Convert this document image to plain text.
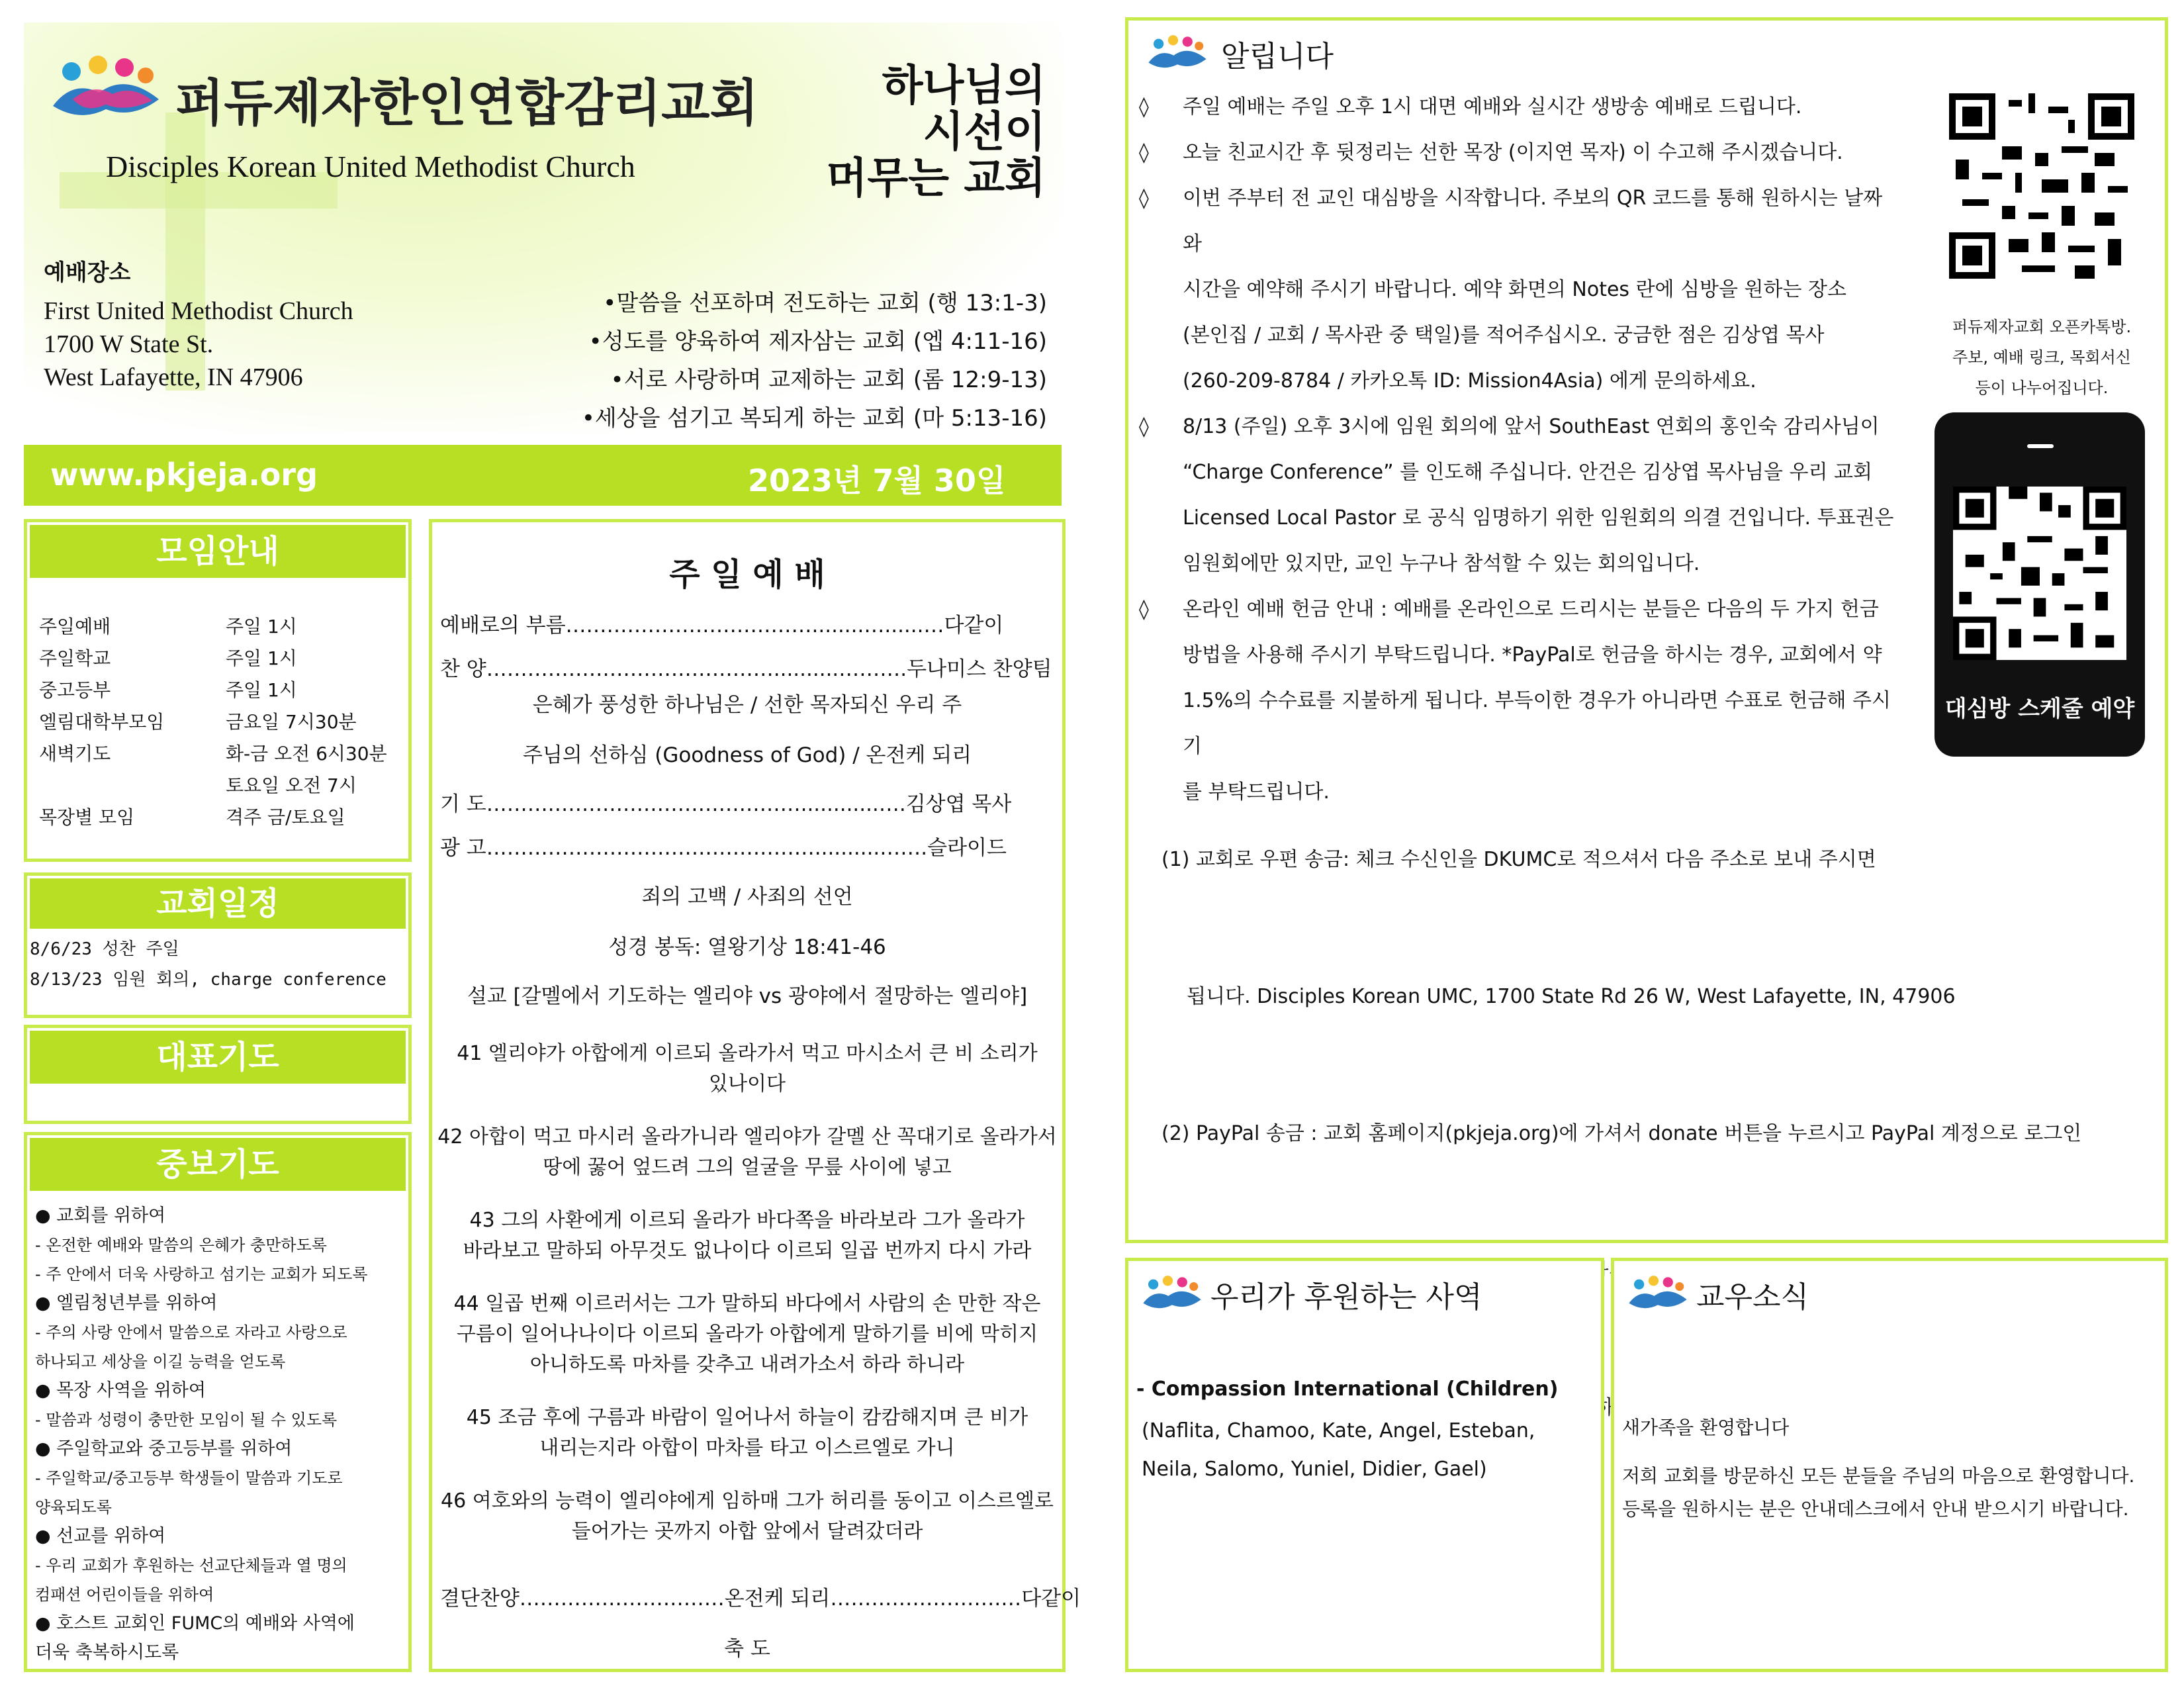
퍼듀제자한인연합감리교회
Disciples Korean United Methodist Church
하나님의
시선이
머무는 교회
예배장소
First United Methodist Church
1700 W State St.
West Lafayette, IN 47906
•말씀을 선포하며 전도하는 교회 (행 13:1-3)
•성도를 양육하여 제자삼는 교회 (엡 4:11-16)
•서로 사랑하며 교제하는 교회 (롬 12:9-13)
•세상을 섬기고 복되게 하는 교회 (마 5:13-16)
www.pkjeja.org	2023년 7월 30일
모임안내
주일예배	주일 1시
주일학교	주일 1시
중고등부	주일 1시
엘림대학부모임	금요일 7시30분
새벽기도	화-금 오전 6시30분
토요일 오전 7시
목장별 모임	격주 금/토요일
교회일정
8/6/23 성찬 주일
8/13/23 임원 회의, charge conference
대표기도
중보기도
● 교회를 위하여
- 온전한 예배와 말씀의 은혜가 충만하도록
- 주 안에서 더욱 사랑하고 섬기는 교회가 되도록
● 엘림청년부를 위하여
- 주의 사랑 안에서 말씀으로 자라고 사랑으로
하나되고 세상을 이길 능력을 얻도록
● 목장 사역을 위하여
- 말씀과 성령이 충만한 모임이 될 수 있도록
● 주일학교와 중고등부를 위하여
- 주일학교/중고등부 학생들이 말씀과 기도로
양육되도록
● 선교를 위하여
- 우리 교회가 후원하는 선교단체들과 열 명의
컴패션 어린이들을 위하여
● 호스트 교회인 FUMC의 예배와 사역에
더욱 축복하시도록
주 일 예 배
예배로의 부름………………………………........…......…다같이
찬 양……………………………………..........……….두나미스 찬양팀
은혜가 풍성한 하나님은 / 선한 목자되신 우리 주
주님의 선하심 (Goodness of God) / 온전케 되리
기 도……….………………………………............….김상엽 목사
광 고…………………………………………..........…….슬라이드
죄의 고백 / 사죄의 선언
성경 봉독: 열왕기상 18:41-46
설교 [갈멜에서 기도하는 엘리야 vs 광야에서 절망하는 엘리야]
41 엘리야가 아합에게 이르되 올라가서 먹고 마시소서 큰 비 소리가
있나이다
42 아합이 먹고 마시러 올라가니라 엘리야가 갈멜 산 꼭대기로 올라가서
땅에 꿇어 엎드려 그의 얼굴을 무릎 사이에 넣고
43 그의 사환에게 이르되 올라가 바다쪽을 바라보라 그가 올라가
바라보고 말하되 아무것도 없나이다 이르되 일곱 번까지 다시 가라
44 일곱 번째 이르러서는 그가 말하되 바다에서 사람의 손 만한 작은
구름이 일어나나이다 이르되 올라가 아합에게 말하기를 비에 막히지
아니하도록 마차를 갖추고 내려가소서 하라 하니라
45 조금 후에 구름과 바람이 일어나서 하늘이 캄캄해지며 큰 비가
내리는지라 아합이 마차를 타고 이스르엘로 가니
46 여호와의 능력이 엘리야에게 임하매 그가 허리를 동이고 이스르엘로
들어가는 곳까지 아합 앞에서 달려갔더라
결단찬양…………………………온전케 되리…………………….…다같이
축 도
알립니다
◊ 주일 예배는 주일 오후 1시 대면 예배와 실시간 생방송 예배로 드립니다.
◊ 오늘 친교시간 후 뒷정리는 선한 목장 (이지연 목자) 이 수고해 주시겠습니다.
◊ 이번 주부터 전 교인 대심방을 시작합니다. 주보의 QR 코드를 통해 원하시는 날짜와
시간을 예약해 주시기 바랍니다. 예약 화면의 Notes 란에 심방을 원하는 장소
(본인집 / 교회 / 목사관 중 택일)를 적어주십시오. 궁금한 점은 김상엽 목사
(260-209-8784 / 카카오톡 ID: Mission4Asia) 에게 문의하세요.
◊ 8/13 (주일) 오후 3시에 임원 회의에 앞서 SouthEast 연회의 홍인숙 감리사님이
“Charge Conference” 를 인도해 주십니다. 안건은 김상엽 목사님을 우리 교회
Licensed Local Pastor 로 공식 임명하기 위한 임원회의 의결 건입니다. 투표권은
임원회에만 있지만, 교인 누구나 참석할 수 있는 회의입니다.
◊ 온라인 예배 헌금 안내 : 예배를 온라인으로 드리시는 분들은 다음의 두 가지 헌금
방법을 사용해 주시기 부탁드립니다. *PayPal로 헌금을 하시는 경우, 교회에서 약
1.5%의 수수료를 지불하게 됩니다. 부득이한 경우가 아니라면 수표로 헌금해 주시기
를 부탁드립니다.

(1) 교회로 우편 송금: 체크 수신인을 DKUMC로 적으셔서 다음 주소로 보내 주시면

됩니다. Disciples Korean UMC, 1700 State Rd 26 W, West Lafayette, IN, 47906

(2) PayPal 송금 : 교회 홈페이지(pkjeja.org)에 가셔서 donate 버튼을 누르시고 PayPal 계정으로 로그인

검색하셔서

퍼듀제자교회 오픈카톡방.
주보, 예배 링크, 목회서신
등이 나누어집니다.
대심방 스케줄 예약
우리가 후원하는 사역
- Compassion International (Children)
(Naflita, Chamoo, Kate, Angel, Esteban,
Neila, Salomo, Yuniel, Didier, Gael)
교우소식
새가족을 환영합니다
저희 교회를 방문하신 모든 분들을 주님의 마음으로 환영합니다.
등록을 원하시는 분은 안내데스크에서 안내 받으시기 바랍니다.
